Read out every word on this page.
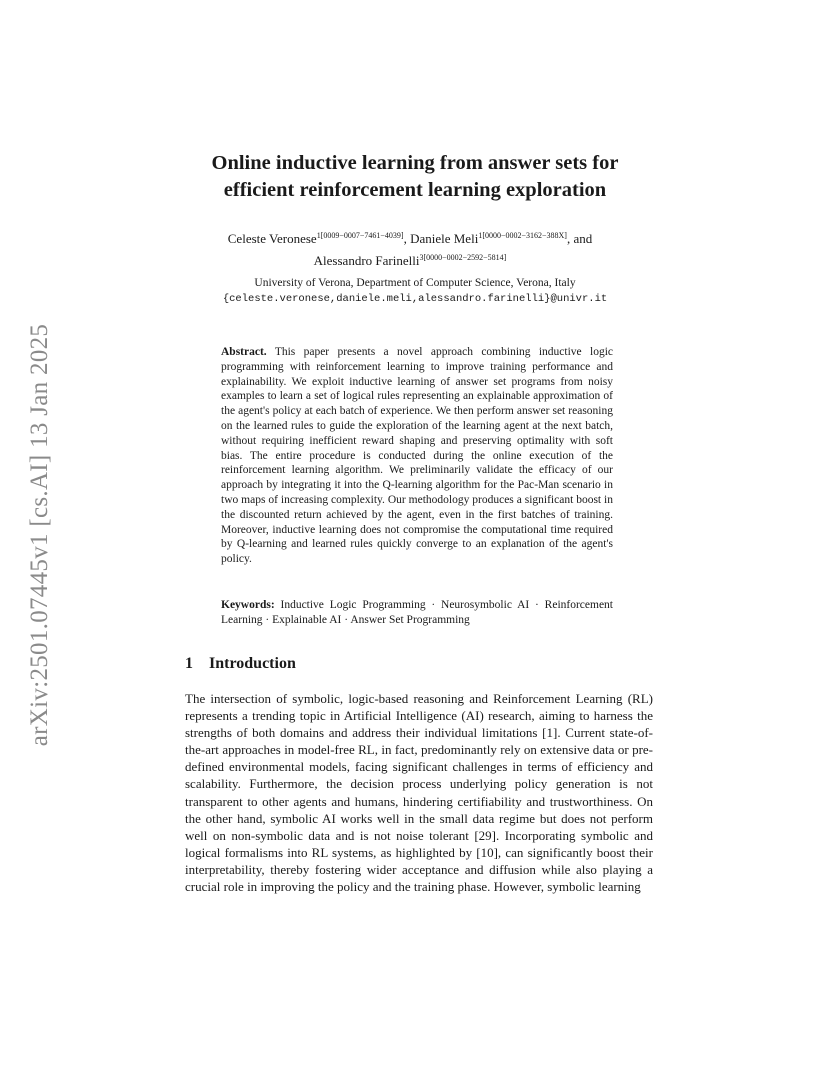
arXiv:2501.07445v1 [cs.AI] 13 Jan 2025
Online inductive learning from answer sets for
efficient reinforcement learning exploration
Celeste Veronese$^{1[0009-0007-7461-4039]}$, Daniele Meli$^{1[0000-0002-3162-388X]}$, and
Alessandro Farinelli$^{3[0000-0002-2592-5814]}$
University of Verona, Department of Computer Science, Verona, Italy
{celeste.veronese,daniele.meli,alessandro.farinelli}@univr.it
Abstract. This paper presents a novel approach combining inductive logic programming with reinforcement learning to improve training performance and explainability. We exploit inductive learning of answer set programs from noisy examples to learn a set of logical rules representing an explainable approximation of the agent's policy at each batch of experience. We then perform answer set reasoning on the learned rules to guide the exploration of the learning agent at the next batch, without requiring inefficient reward shaping and preserving optimality with soft bias. The entire procedure is conducted during the online execution of the reinforcement learning algorithm. We preliminarily validate the efficacy of our approach by integrating it into the Q-learning algorithm for the Pac-Man scenario in two maps of increasing complexity. Our methodology produces a significant boost in the discounted return achieved by the agent, even in the first batches of training. Moreover, inductive learning does not compromise the computational time required by Q-learning and learned rules quickly converge to an explanation of the agent's policy.
Keywords: Inductive Logic Programming · Neurosymbolic AI · Reinforcement Learning · Explainable AI · Answer Set Programming
1 Introduction
The intersection of symbolic, logic-based reasoning and Reinforcement Learning (RL) represents a trending topic in Artificial Intelligence (AI) research, aiming to harness the strengths of both domains and address their individual limitations [1]. Current state-of-the-art approaches in model-free RL, in fact, predominantly rely on extensive data or pre-defined environmental models, facing significant challenges in terms of efficiency and scalability. Furthermore, the decision process underlying policy generation is not transparent to other agents and humans, hindering certifiability and trustworthiness. On the other hand, symbolic AI works well in the small data regime but does not perform well on non-symbolic data and is not noise tolerant [29]. Incorporating symbolic and logical formalisms into RL systems, as highlighted by [10], can significantly boost their interpretability, thereby fostering wider acceptance and diffusion while also playing a crucial role in improving the policy and the training phase. However, symbolic learning
